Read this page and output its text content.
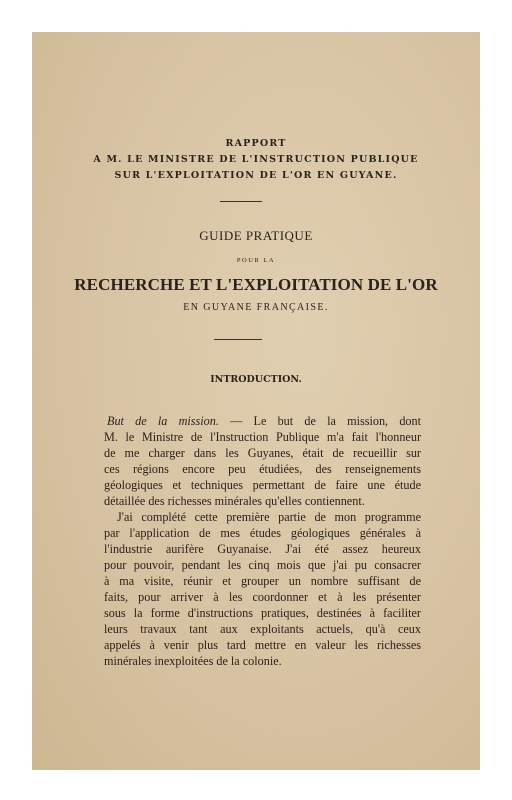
RAPPORT
A M. LE MINISTRE DE L'INSTRUCTION PUBLIQUE
SUR L'EXPLOITATION DE L'OR EN GUYANE.
GUIDE PRATIQUE
POUR LA
RECHERCHE ET L'EXPLOITATION DE L'OR
EN GUYANE FRANÇAISE.
INTRODUCTION.
But de la mission. — Le but de la mission, dont
M. le Ministre de l'Instruction Publique m'a fait l'honneur
de me charger dans les Guyanes, était de recueillir sur
ces régions encore peu étudiées, des renseignements
géologiques et techniques permettant de faire une étude
détaillée des richesses minérales qu'elles contiennent.
J'ai complété cette première partie de mon programme
par l'application de mes études géologiques générales à
l'industrie aurifère Guyanaise. J'ai été assez heureux
pour pouvoir, pendant les cinq mois que j'ai pu consacrer
à ma visite, réunir et grouper un nombre suffisant de
faits, pour arriver à les coordonner et à les présenter
sous la forme d'instructions pratiques, destinées à faciliter
leurs travaux tant aux exploitants actuels, qu'à ceux
appelés à venir plus tard mettre en valeur les richesses
minérales inexploitées de la colonie.
